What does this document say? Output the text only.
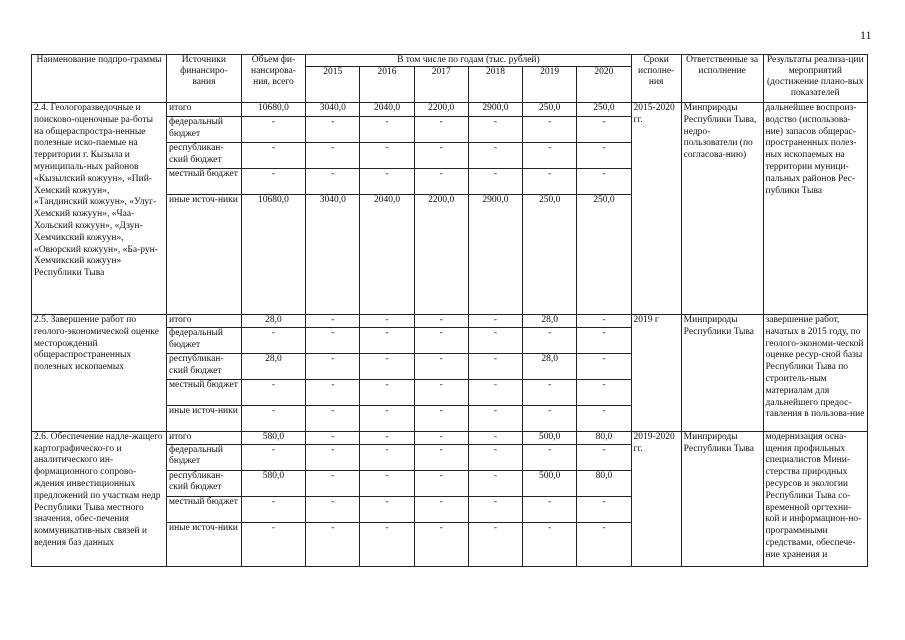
11
Наименование подпро-граммы	Источники финансиро-вания	Объем фи-нансирова-ния, всего	В том числе по годам (тыс. рублей)						Сроки исполне-ния	Ответственные за исполнение	Результаты реализа-ции мероприятий (достижение плано-вых показателей
			2015	2016	2017	2018	2019	2020			
2.4. Геологоразведочные и поисково-оценочные ра-боты на общераспростра-ненные полезные иско-паемые на территории г. Кызыла и муниципаль-ных районов «Кызылский кожуун», «Пий-Хемский кожуун», «Тандинский кожуун», «Улуг-Хемский кожуун», «Чаа-Хольский кожуун», «Дзун-Хемчикский кожуун», «Овюрский кожуун», «Ба-рун-Хемчикский кожуун» Республики Тыва	итого	10680,0	3040,0	2040,0	2200,0	2900,0	250,0	250,0	2015-2020 гг.	Минприроды Республики Тыва, недро-пользователи (по согласова-нию)	дальнейшее воспроиз-водство (использова-ние) запасов общерас-пространенных полез-ных ископаемых на территории муници-пальных районов Рес-публики Тыва
	федеральный бюджет	-	-	-	-	-	-	-			
	республикан-ский бюджет	-	-	-	-	-	-	-			
	местный бюджет	-	-	-	-	-	-	-			
	иные источ-ники	10680,0	3040,0	2040,0	2200,0	2900,0	250,0	250,0			
2.5. Завершение работ по геолого-экономической оценке месторождений общераспространенных полезных ископаемых	итого	28,0	-	-	-	-	28,0	-	2019 г	Минприроды Республики Тыва	завершение работ, начатых в 2015 году, по геолого-экономи-ческой оценке ресур-сной базы Республики Тыва по строитель-ным материалам для дальнейшего предос-тавления в пользова-ние
	федеральный бюджет	-	-	-	-	-	-	-			
	республикан-ский бюджет	28,0	-	-	-	-	28,0	-			
	местный бюджет	-	-	-	-	-	-	-			
	иные источ-ники	-	-	-	-	-	-	-			
2.6. Обеспечение надле-жащего картографическо-го и аналитического ин-формационного сопрово-ждения инвестиционных предложений по участкам недр Республики Тыва местного значения, обес-печения коммуникатив-ных связей и ведения баз данных	итого	580,0	-	-	-	-	500,0	80,0	2019-2020 гг.	Минприроды Республики Тыва	модернизация осна-щения профильных специалистов Мини-стерства природных ресурсов и экологии Республики Тыва со-временной оргтехни-кой и информацион-но-программными средствами, обеспече-ние хранения и
	федеральный бюджет	-	-	-	-	-	-	-			
	республикан-ский бюджет	580,0	-	-	-	-	500,0	80,0			
	местный бюджет	-	-	-	-	-	-	-			
	иные источ-ники	-	-	-	-	-	-	-			
